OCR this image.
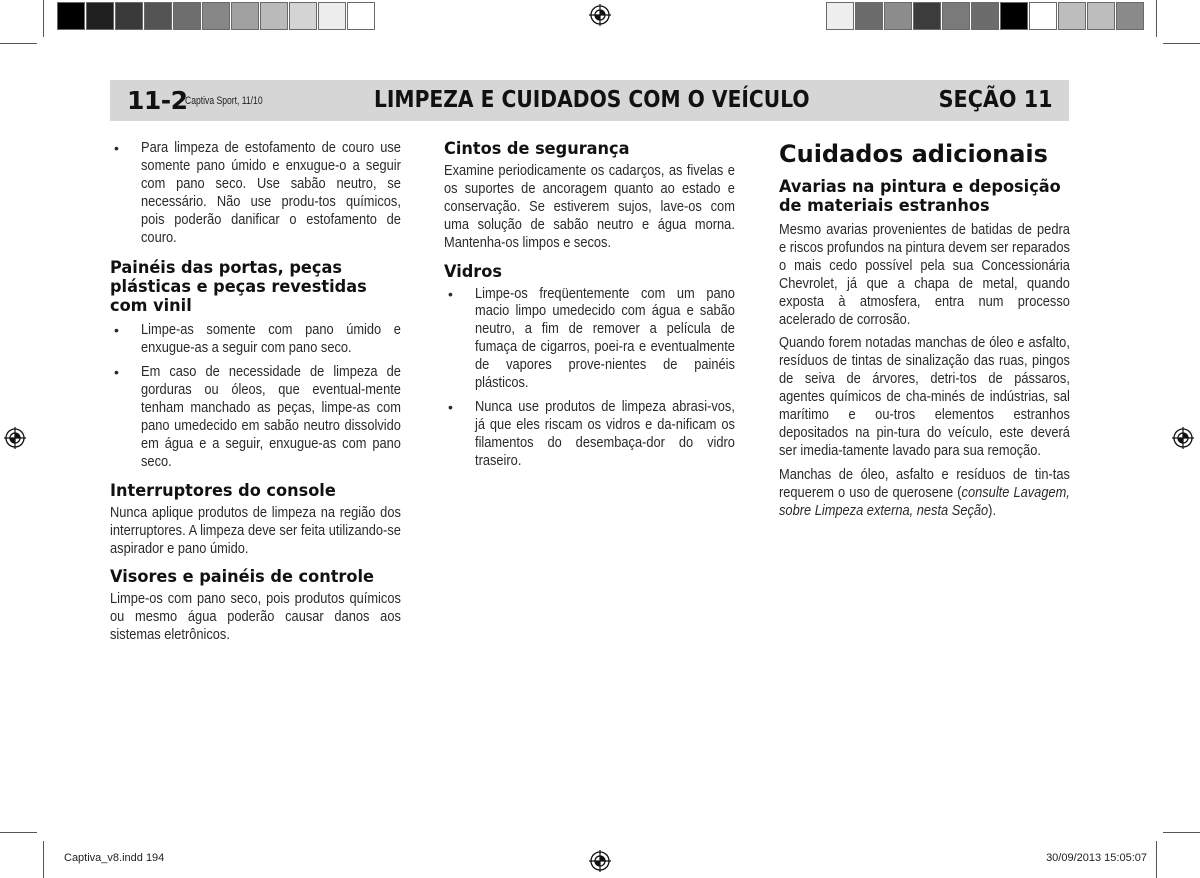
11-2
Captiva Sport, 11/10	LIMPEZA E CUIDADOS COM O VEÍCULO	SEÇÃO 11
• Para limpeza de estofamento de couro use somente pano úmido e enxugue-o a seguir com pano seco. Use sabão neutro, se necessário. Não use produ-tos químicos, pois poderão danificar o estofamento de couro.
Painéis das portas, peças plásticas e peças revestidas com vinil
• Limpe-as somente com pano úmido e enxugue-as a seguir com pano seco.
• Em caso de necessidade de limpeza de gorduras ou óleos, que eventual-mente tenham manchado as peças, limpe-as com pano umedecido em sabão neutro dissolvido em água e a seguir, enxugue-as com pano seco.
Interruptores do console

Nunca aplique produtos de limpeza na região dos interruptores. A limpeza deve ser feita utilizando-se aspirador e pano úmido.

Visores e painéis de controle

Limpe-os com pano seco, pois produtos químicos ou mesmo água poderão causar danos aos sistemas eletrônicos.

Cintos de segurança

Examine periodicamente os cadarços, as fivelas e os suportes de ancoragem quanto ao estado e conservação. Se estiverem sujos, lave-os com uma solução de sabão neutro e água morna. Mantenha-os limpos e secos.

Vidros
• Limpe-os freqüentemente com um pano macio limpo umedecido com água e sabão neutro, a fim de remover a película de fumaça de cigarros, poei-ra e eventualmente de vapores prove-nientes de painéis plásticos.
• Nunca use produtos de limpeza abrasi-vos, já que eles riscam os vidros e da-nificam os filamentos do desembaça-dor do vidro traseiro.
Cuidados adicionais
Avarias na pintura e deposição de materiais estranhos

Mesmo avarias provenientes de batidas de pedra e riscos profundos na pintura devem ser reparados o mais cedo possível pela sua Concessionária Chevrolet, já que a chapa de metal, quando exposta à atmosfera, entra num processo acelerado de corrosão.

Quando forem notadas manchas de óleo e asfalto, resíduos de tintas de sinalização das ruas, pingos de seiva de árvores, detri-tos de pássaros, agentes químicos de cha-minés de indústrias, sal marítimo e ou-tros elementos estranhos depositados na pin-tura do veículo, este deverá ser imedia-tamente lavado para sua remoção.

Manchas de óleo, asfalto e resíduos de tin-tas requerem o uso de querosene (consulte Lavagem, sobre Limpeza externa, nesta Seção).

Captiva_v8.indd 194	30/09/2013 15:05:07
